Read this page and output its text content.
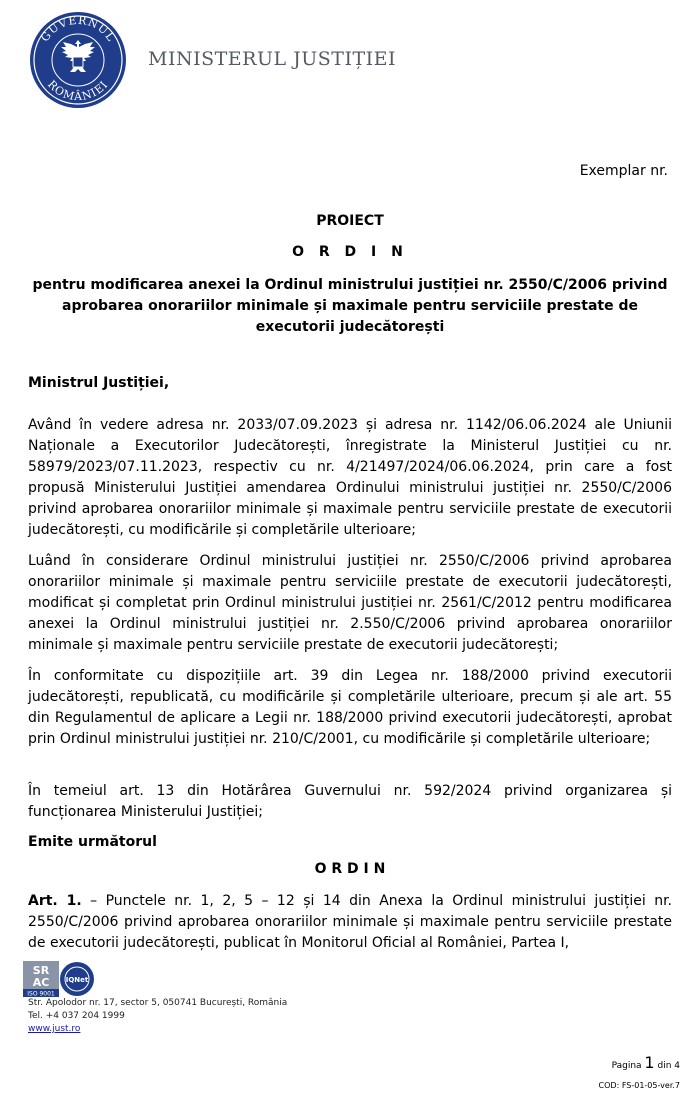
GUVERNUL
ROMÂNIEI
MINISTERUL JUSTIȚIEI
Exemplar nr.
PROIECT
O R D I N
pentru modificarea anexei la Ordinul ministrului justiției nr. 2550/C/2006 privind aprobarea onorariilor minimale și maximale pentru serviciile prestate de executorii judecătorești
Ministrul Justiției,

Având în vedere adresa nr. 2033/07.09.2023 și adresa nr. 1142/06.06.2024 ale Uniunii Naționale a Executorilor Judecătorești, înregistrate la Ministerul Justiției cu nr. 58979/2023/07.11.2023, respectiv cu nr. 4/21497/2024/06.06.2024, prin care a fost propusă Ministerului Justiției amendarea Ordinului ministrului justiției nr. 2550/C/2006 privind aprobarea onorariilor minimale și maximale pentru serviciile prestate de executorii judecătorești, cu modificările și completările ulterioare;

Luând în considerare Ordinul ministrului justiției nr. 2550/C/2006 privind aprobarea onorariilor minimale și maximale pentru serviciile prestate de executorii judecătorești, modificat și completat prin Ordinul ministrului justiției nr. 2561/C/2012 pentru modificarea anexei la Ordinul ministrului justiției nr. 2.550/C/2006 privind aprobarea onorariilor minimale și maximale pentru serviciile prestate de executorii judecătorești;

În conformitate cu dispozițiile art. 39 din Legea nr. 188/2000 privind executorii judecătorești, republicată, cu modificările și completările ulterioare, precum și ale art. 55 din Regulamentul de aplicare a Legii nr. 188/2000 privind executorii judecătorești, aprobat prin Ordinul ministrului justiției nr. 210/C/2001, cu modificările și completările ulterioare;

În temeiul art. 13 din Hotărârea Guvernului nr. 592/2024 privind organizarea și funcționarea Ministerului Justiției;

Emite următorul
O R D I N

Art. 1. – Punctele nr. 1, 2, 5 – 12 și 14 din Anexa la Ordinul ministrului justiției nr. 2550/C/2006 privind aprobarea onorariilor minimale și maximale pentru serviciile prestate de executorii judecătorești, publicat în Monitorul Oficial al României, Partea I,

SR
AC
ISO 9001
IQNet
Str. Apolodor nr. 17, sector 5, 050741 București, România
Tel. +4 037 204 1999
www.just.ro
Pagina 1 din 4
COD: FS-01-05-ver.7
